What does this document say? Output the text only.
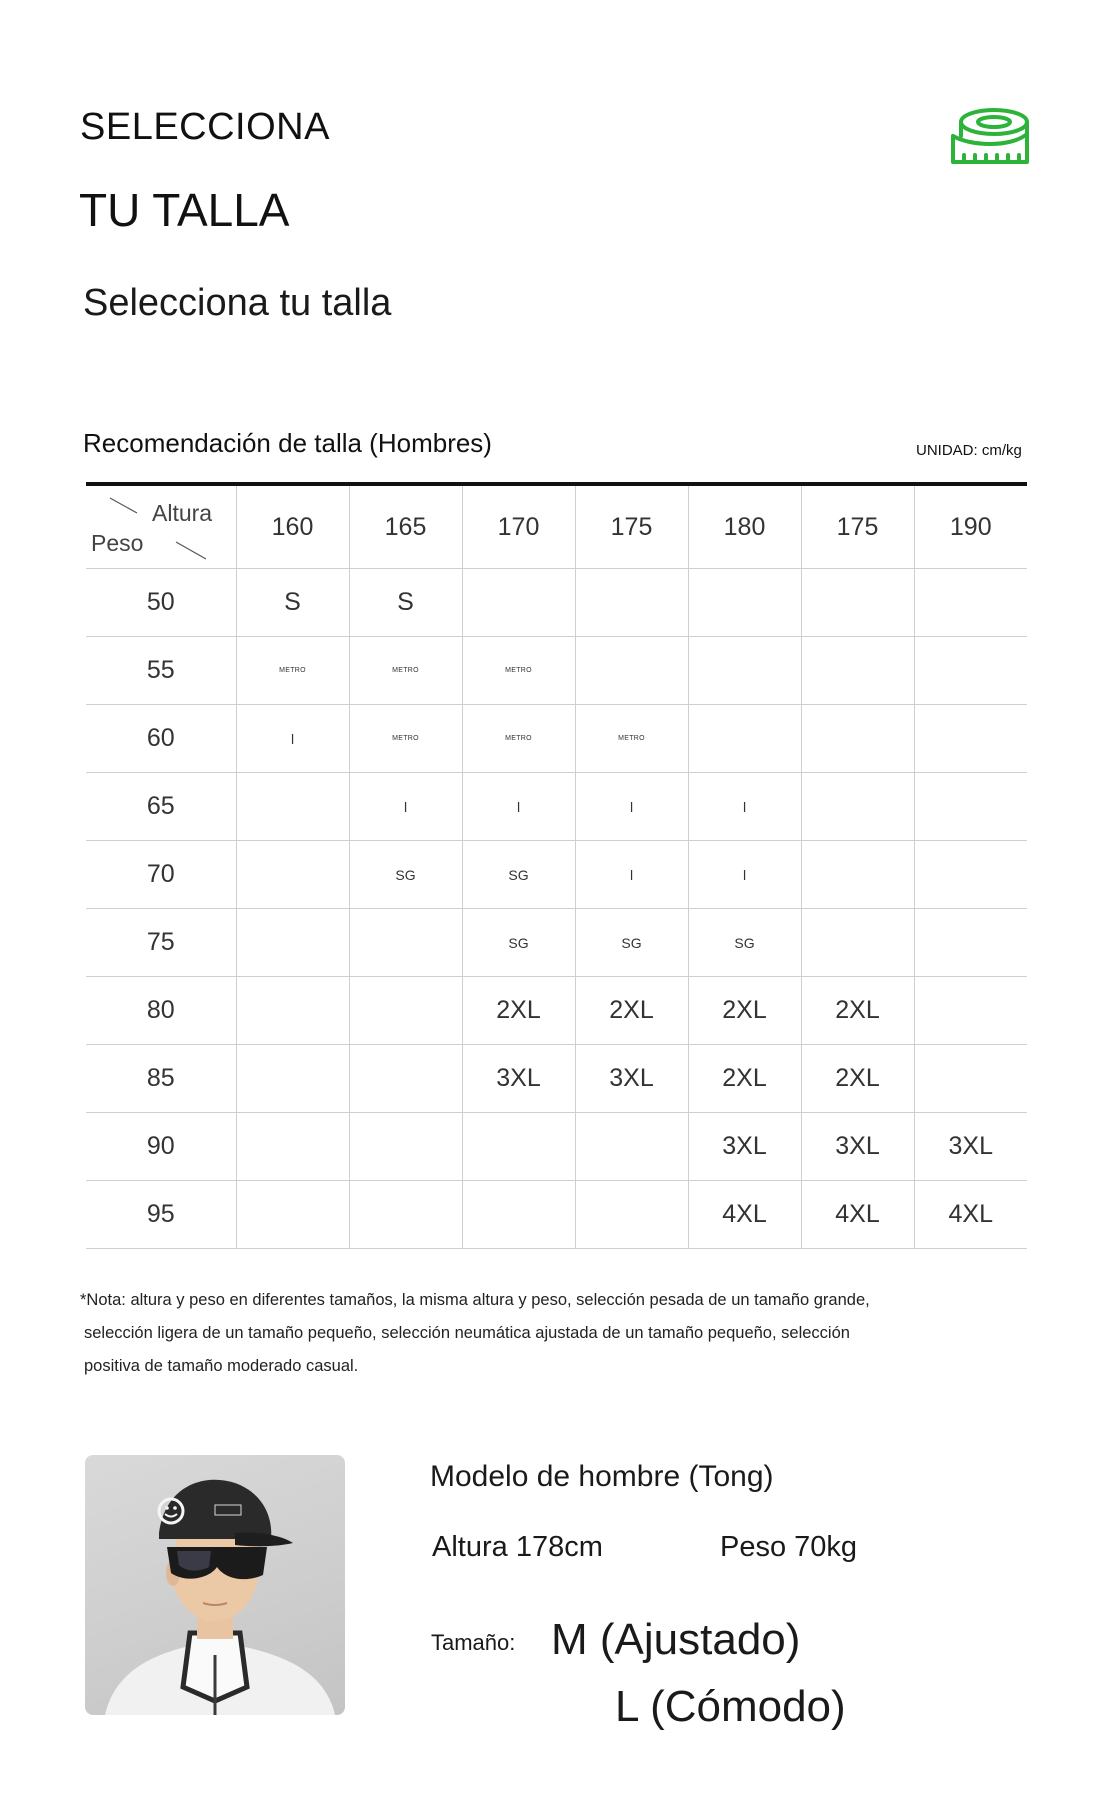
SELECCIONA
TU TALLA
Selecciona tu talla
Recomendación de talla (Hombres)	UNIDAD: cm/kg
Altura
Peso	160	165	170	175	180	175	190
50	S	S					
55	METRO	METRO	METRO				
60	l	METRO	METRO	METRO			
65		l	l	l	l		
70		SG	SG	l	l		
75			SG	SG	SG		
80			2XL	2XL	2XL	2XL	
85			3XL	3XL	2XL	2XL	
90					3XL	3XL	3XL
95					4XL	4XL	4XL
*Nota: altura y peso en diferentes tamaños, la misma altura y peso, selección pesada de un tamaño grande,
selección ligera de un tamaño pequeño, selección neumática ajustada de un tamaño pequeño, selección
positiva de tamaño moderado casual.
Modelo de hombre (Tong)
Altura 178cm	Peso 70kg
Tamaño: M (Ajustado)
L (Cómodo)
